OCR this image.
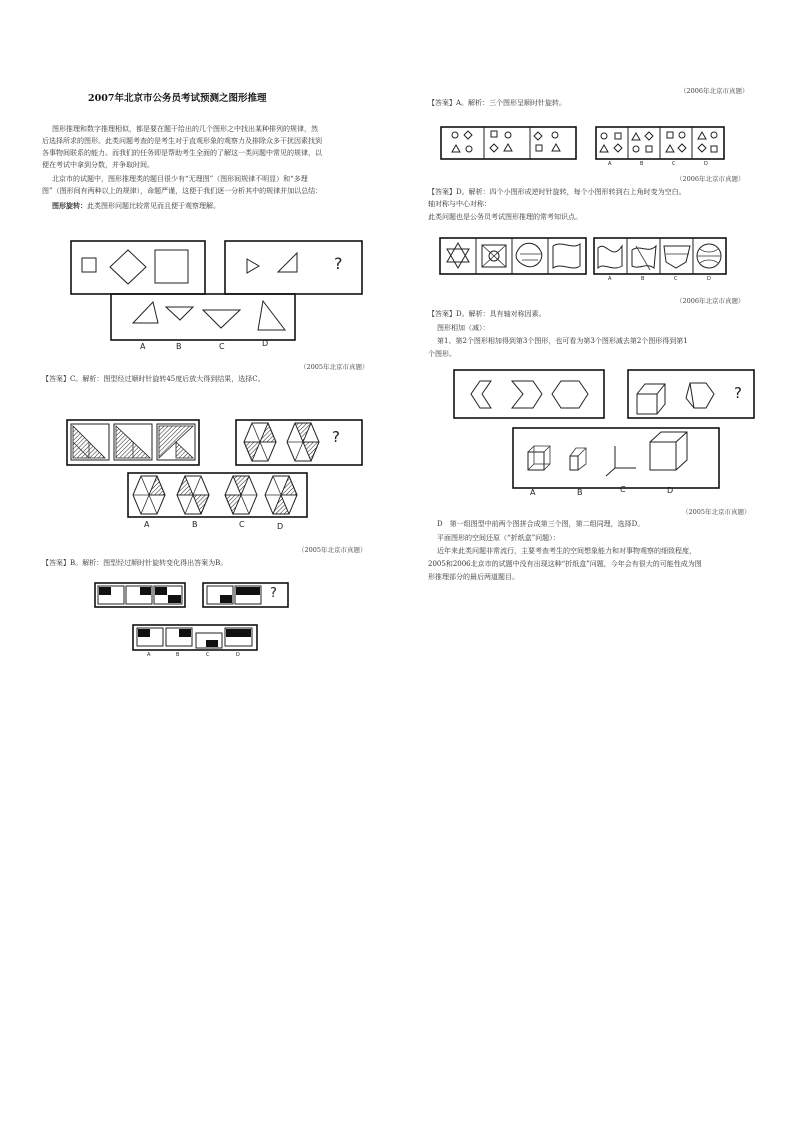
2007年北京市公务员考试预测之图形推理
图形推理和数字推理相似，都是要在题干给出的几个图形之中找出某种排列的规律，然
后选择所求的图形。此类问题考查的是考生对于直观形象的观察力及排除众多干扰因素找到
各事物间联系的能力。而我们的任务即是帮助考生全面的了解这一类问题中常见的规律，以
便在考试中拿到分数，并争取时间。
北京市的试题中，图形推理类的题目很少有“无理图”（图形间规律不明显）和“多理
图”（图形间有两种以上的规律），命题严谨，这便于我们逐一分析其中的规律并加以总结：
图形旋转：此类图形问题比较常见而且便于观察理解。
?
A	B	C	D
（2005年北京市真题）
【答案】C。解析：图型经过顺时针旋转45度后放大得到结果，选择C。
?
A	B	C	D
（2005年北京市真题）
【答案】B。解析：图型经过顺时针旋转变化得出答案为B。
?
A	B	C	D
（2006年北京市真题）
【答案】A。解析：三个图形呈顺时针旋转。
A	B	C	D
（2006年北京市真题）
【答案】D。解析：四个小图形成逆时针旋转，每个小图形转到右上角时变为空白。
轴对称与中心对称：
此类问题也是公务员考试图形推理的常考知识点。
A	B	C	D
（2006年北京市真题）
【答案】D。解析：具有轴对称因素。
图形相加（减）：
第1、第2个图形相加得到第3个图形，也可看为第3个图形减去第2个图形得到第1
个图形。
?
A	B	C	D
（2005年北京市真题）
D　第一组图型中前两个图拼合成第三个图，第二组同理，选择D。
平面图形的空间还原（“折纸盒”问题）：
近年来此类问题非常流行，主要考查考生的空间想象能力和对事物观察的细致程度，
2005和2006北京市的试题中没有出现这种“折纸盒”问题，今年会有很大的可能性成为图
形推理部分的最后两道题目。
